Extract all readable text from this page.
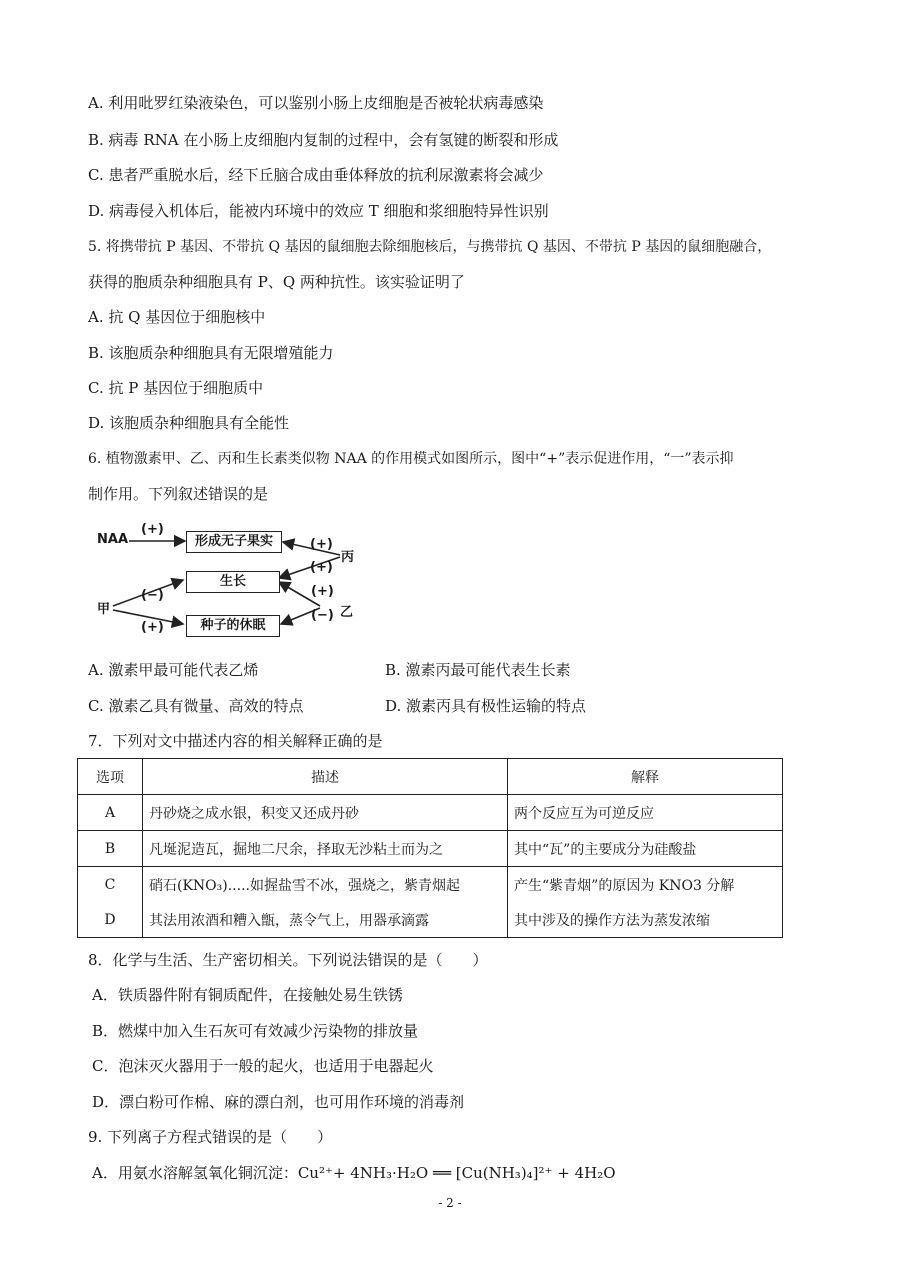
A. 利用吡罗红染液染色，可以鉴别小肠上皮细胞是否被轮状病毒感染
B. 病毒 RNA 在小肠上皮细胞内复制的过程中，会有氢键的断裂和形成
C. 患者严重脱水后，经下丘脑合成由垂体释放的抗利尿激素将会减少
D. 病毒侵入机体后，能被内环境中的效应 T 细胞和浆细胞特异性识别
5. 将携带抗 P 基因、不带抗 Q 基因的鼠细胞去除细胞核后，与携带抗 Q 基因、不带抗 P 基因的鼠细胞融合，
获得的胞质杂种细胞具有 P、Q 两种抗性。该实验证明了
A. 抗 Q 基因位于细胞核中
B. 该胞质杂种细胞具有无限增殖能力
C. 抗 P 基因位于细胞质中
D. 该胞质杂种细胞具有全能性
6. 植物激素甲、乙、丙和生长素类似物 NAA 的作用模式如图所示，图中“+”表示促进作用，“一”表示抑
制作用。下列叙述错误的是
形成无子果实
生长
种子的休眠
NAA
甲	乙
丙
(+)
(+)
(+)
(+)
(−)
(−)
(+)
A. 激素甲最可能代表乙烯	B. 激素丙最可能代表生长素
C. 激素乙具有微量、高效的特点	D. 激素丙具有极性运输的特点
7．下列对文中描述内容的相关解释正确的是
选项	描述	解释
A	丹砂烧之成水银，积变又还成丹砂	两个反应互为可逆反应
B	凡埏泥造瓦，掘地二尺余，择取无沙粘土而为之	其中“瓦”的主要成分为硅酸盐
C	硝石(KNO₃).....如握盐雪不冰，强烧之，紫青烟起	产生“紫青烟”的原因为 KNO3 分解
D	其法用浓酒和糟入甑，蒸令气上，用器承滴露	其中涉及的操作方法为蒸发浓缩
8．化学与生活、生产密切相关。下列说法错误的是（　　）
A．铁质器件附有铜质配件，在接触处易生铁锈
B．燃煤中加入生石灰可有效减少污染物的排放量
C．泡沫灭火器用于一般的起火，也适用于电器起火
D．漂白粉可作棉、麻的漂白剂，也可用作环境的消毒剂
9. 下列离子方程式错误的是（　　）
A．用氨水溶解氢氧化铜沉淀：Cu²⁺+ 4NH₃·H₂O ══ [Cu(NH₃)₄]²⁺ + 4H₂O
- 2 -
